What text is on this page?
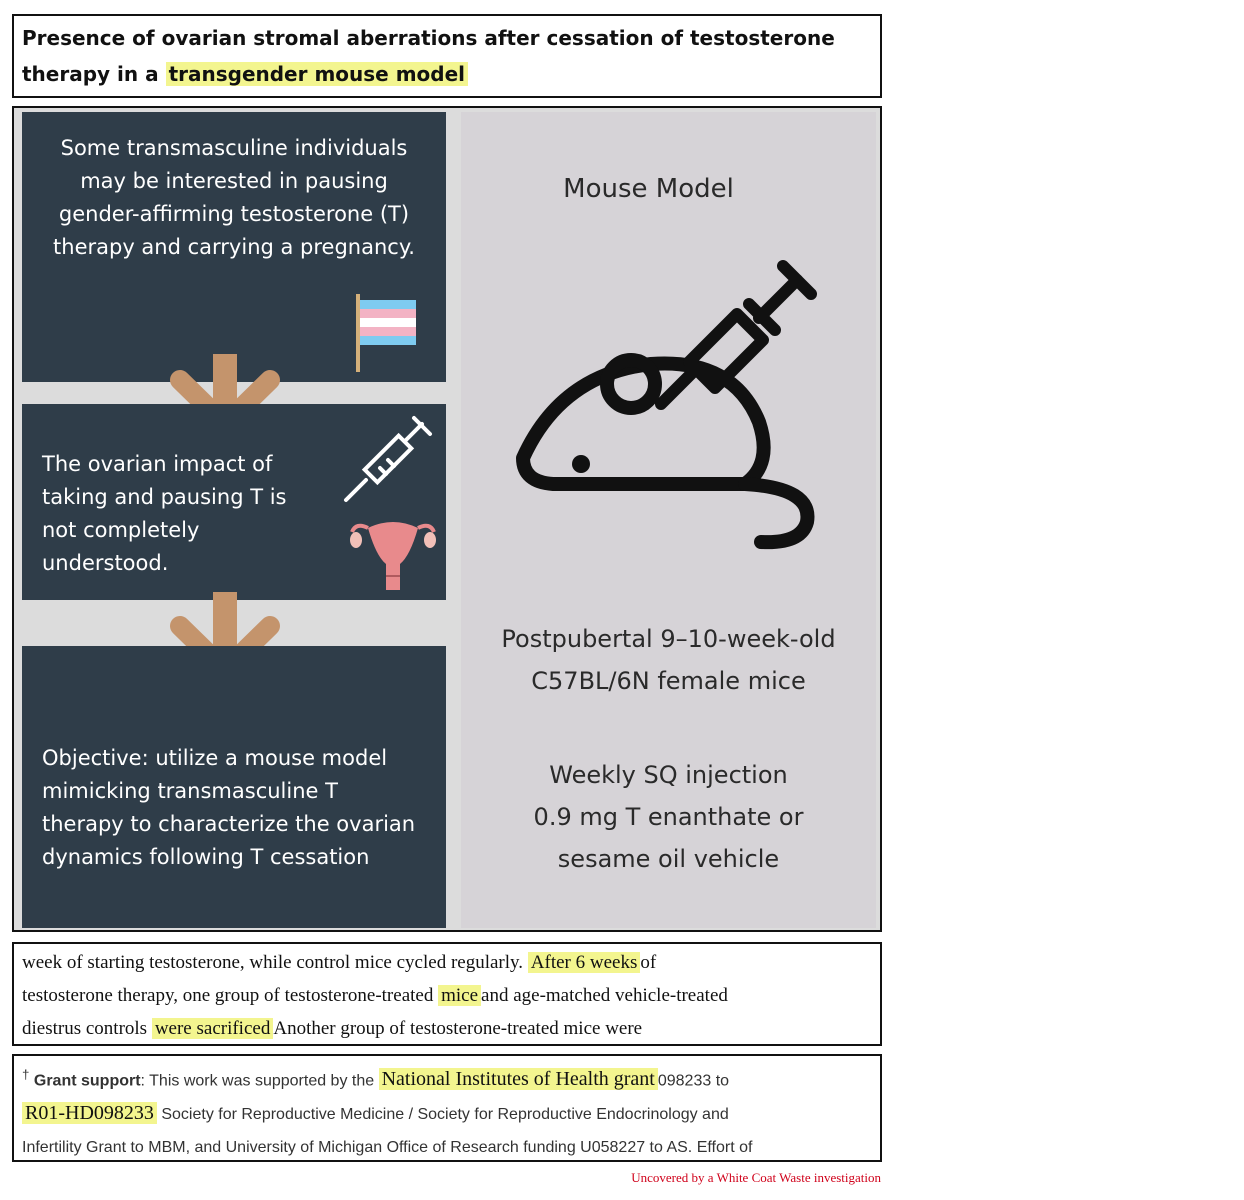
Presence of ovarian stromal aberrations after cessation of testosterone
therapy in a transgender mouse model
Some transmasculine individuals
may be interested in pausing
gender-affirming testosterone (T)
therapy and carrying a pregnancy.
The ovarian impact of
taking and pausing T is
not completely
understood.
Objective: utilize a mouse model
mimicking transmasculine T
therapy to characterize the ovarian
dynamics following T cessation
Mouse Model
WHITE COAT
WASTE
PROJECT
Postpubertal 9–10-week-old
C57BL/6N female mice
Weekly SQ injection
0.9 mg T enanthate or
sesame oil vehicle
week of starting testosterone, while control mice cycled regularly. After 6 weeks of
testosterone therapy, one group of testosterone-treated mice and age-matched vehicle-treated
diestrus controls were sacrificed Another group of testosterone-treated mice were
† Grant support: This work was supported by the National Institutes of Health grant 098233 to
R01-HD098233 Society for Reproductive Medicine / Society for Reproductive Endocrinology and
Infertility Grant to MBM, and University of Michigan Office of Research funding U058227 to AS. Effort of
Uncovered by a White Coat Waste investigation
